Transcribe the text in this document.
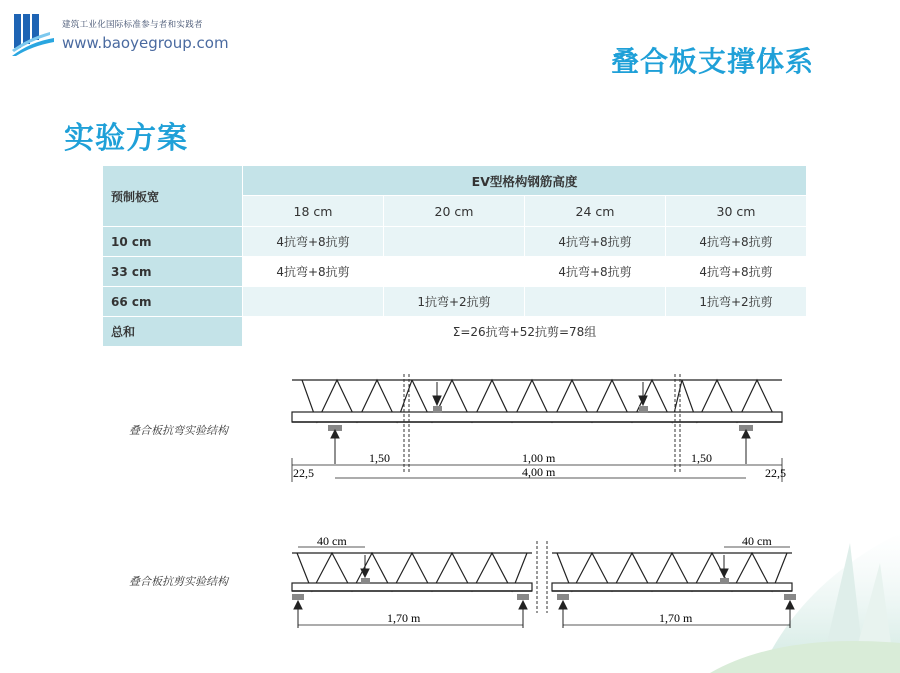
建筑工业化国际标准参与者和实践者
www.baoyegroup.com
叠合板支撑体系
实验方案
预制板宽	EV型格构钢筋高度			
	18 cm	20 cm	24 cm	30 cm
10 cm	4抗弯+8抗剪		4抗弯+8抗剪	4抗弯+8抗剪
33 cm	4抗弯+8抗剪		4抗弯+8抗剪	4抗弯+8抗剪
66 cm		1抗弯+2抗剪		1抗弯+2抗剪
总和	Σ=26抗弯+52抗剪=78组			
叠合板抗弯实验结构
叠合板抗剪实验结构
22,5
1,50	1,00 m
4,00 m
1,50
22,5
40 cm
1,70 m
40 cm
1,70 m
